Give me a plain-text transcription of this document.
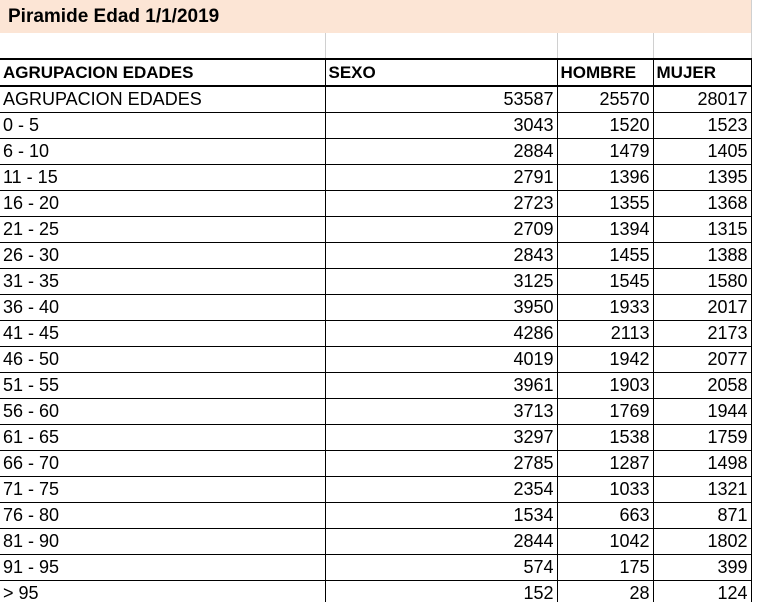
Piramide Edad 1/1/2019			

AGRUPACION EDADES	SEXO	HOMBRE	MUJER
AGRUPACION EDADES	53587	25570	28017
0 - 5	3043	1520	1523
6 - 10	2884	1479	1405
11 - 15	2791	1396	1395
16 - 20	2723	1355	1368
21 - 25	2709	1394	1315
26 - 30	2843	1455	1388
31 - 35	3125	1545	1580
36 - 40	3950	1933	2017
41 - 45	4286	2113	2173
46 - 50	4019	1942	2077
51 - 55	3961	1903	2058
56 - 60	3713	1769	1944
61 - 65	3297	1538	1759
66 - 70	2785	1287	1498
71 - 75	2354	1033	1321
76 - 80	1534	663	871
81 - 90	2844	1042	1802
91 - 95	574	175	399
> 95	152	28	124
